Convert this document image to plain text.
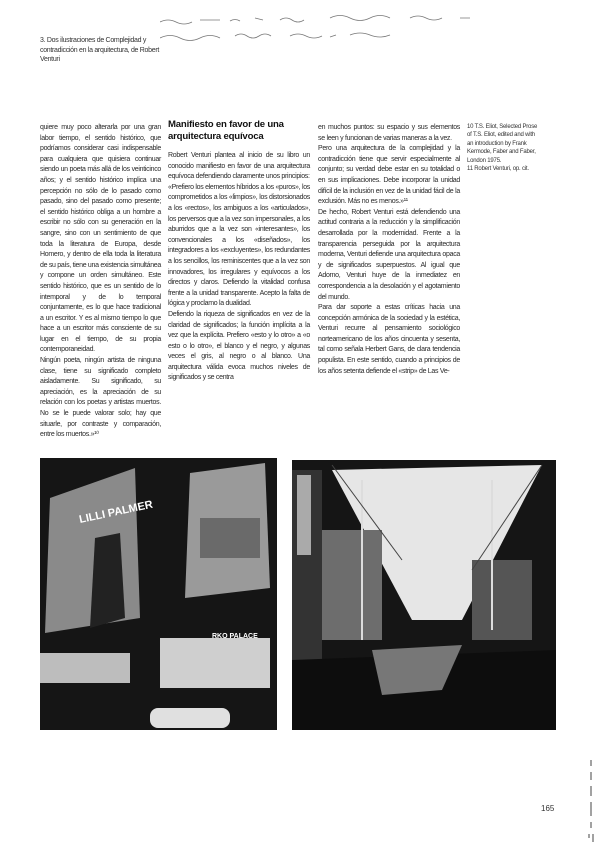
3. Dos ilustraciones de Complejidad y contradicción en la arquitectura, de Robert Venturi

quiere muy poco alterarla por una gran labor tiempo, el sentido histórico, que podríamos considerar casi indispensable para cualquiera que quisiera continuar siendo un poeta más allá de los veinticinco años; y el sentido histórico implica una percepción no sólo de lo pasado como pasado, sino del pasado como presente; el sentido histórico obliga a un hombre a escribir no sólo con su generación en la sangre, sino con un sentimiento de que toda la literatura de Europa, desde Homero, y dentro de ella toda la literatura de su país, tiene una existencia simultánea y compone un orden simultáneo. Este sentido histórico, que es un sentido de lo intemporal y de lo temporal conjuntamente, es lo que hace tradicional a un escritor. Y es al mismo tiempo lo que hace a un escritor más consciente de su lugar en el tiempo, de su propia contemporaneidad.

Ningún poeta, ningún artista de ninguna clase, tiene su significado completo aisladamente. Su significado, su apreciación, es la apreciación de su relación con los poetas y artistas muertos. No se le puede valorar solo; hay que situarle, por contraste y comparación, entre los muertos.»¹⁰

Manifiesto en favor de una arquitectura equívoca

Robert Venturi plantea al inicio de su libro un conocido manifiesto en favor de una arquitectura equívoca defendiendo claramente unos principios:

«Prefiero los elementos híbridos a los «puros», los comprometidos a los «limpios», los distorsionados a los «rectos», los ambiguos a los «articulados», los perversos que a la vez son impersonales, a los aburridos que a la vez son «interesantes», los convencionales a los «diseñados», los integradores a los «excluyentes», los redundantes a los sencillos, los reminiscentes que a la vez son innovadores, los irregulares y equívocos a los directos y claros. Defiendo la vitalidad confusa frente a la unidad transparente. Acepto la falta de lógica y proclamo la dualidad.

Defiendo la riqueza de significados en vez de la claridad de significados; la función implícita a la vez que la explícita. Prefiero «esto y lo otro» a «o esto o lo otro», el blanco y el negro, y algunas veces el gris, al negro o al blanco. Una arquitectura válida evoca muchos niveles de significados y se centra

en muchos puntos: su espacio y sus elementos se leen y funcionan de varias maneras a la vez.

Pero una arquitectura de la complejidad y la contradicción tiene que servir especialmente al conjunto; su verdad debe estar en su totalidad o en sus implicaciones. Debe incorporar la unidad difícil de la inclusión en vez de la unidad fácil de la exclusión. Más no es menos.»¹¹

De hecho, Robert Venturi está defendiendo una actitud contraria a la reducción y la simplificación desarrollada por la modernidad. Frente a la transparencia perseguida por la arquitectura moderna, Venturi defiende una arquitectura opaca y de significados superpuestos. Al igual que Adorno, Venturi huye de la inmediatez en correspondencia a la desolación y el agotamiento del mundo.

Para dar soporte a estas críticas hacia una concepción armónica de la sociedad y la estética, Venturi recurre al pensamiento sociológico norteamericano de los años cincuenta y sesenta, tal como señala Herbert Gans, de clara tendencia populista. En este sentido, cuando a principios de los años setenta defiende el «strip» de Las Ve-

10 T.S. Eliot, Selected Prose of T.S. Eliot, edited and with an introduction by Frank Kermode, Faber and Faber, London 1975.

11 Robert Venturi, op. cit.

LILLI PALMER
RKO PALACE
165
